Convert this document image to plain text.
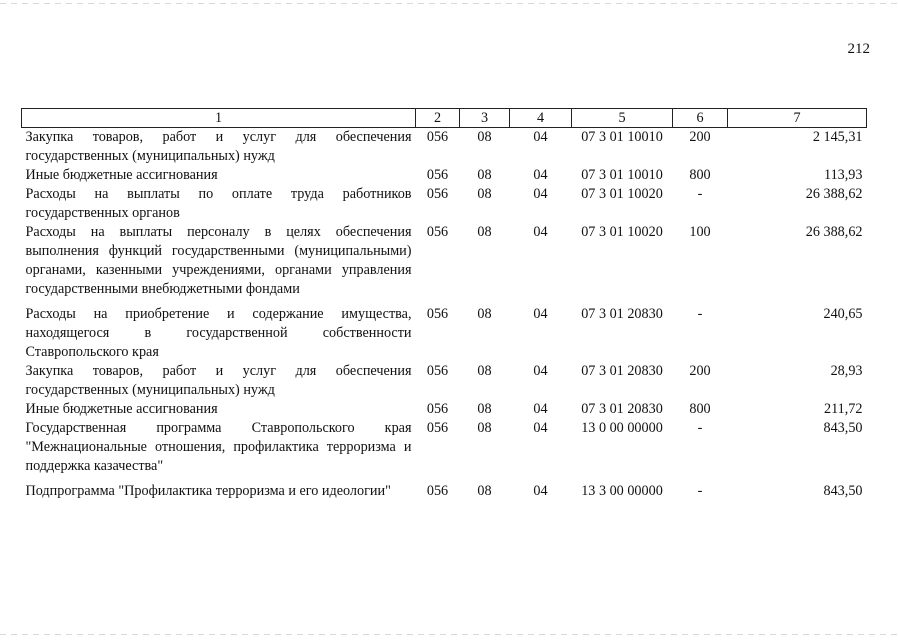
212
1	2	3	4	5	6	7
Закупка товаров, работ и услуг для обеспечения государственных (муниципальных) нужд	056	08	04	07 3 01 10010	200	2 145,31
Иные бюджетные ассигнования	056	08	04	07 3 01 10010	800	113,93
Расходы на выплаты по оплате труда работников государственных органов	056	08	04	07 3 01 10020	-	26 388,62
Расходы на выплаты персоналу в целях обеспечения выполнения функций государственными (муниципальными) органами, казенными учреждениями, органами управления государственными внебюджетными фондами	056	08	04	07 3 01 10020	100	26 388,62
Расходы на приобретение и содержание имущества, находящегося в государственной собственности Ставропольского края	056	08	04	07 3 01 20830	-	240,65
Закупка товаров, работ и услуг для обеспечения государственных (муниципальных) нужд	056	08	04	07 3 01 20830	200	28,93
Иные бюджетные ассигнования	056	08	04	07 3 01 20830	800	211,72
Государственная программа Ставропольского края "Межнациональные отношения, профилактика терроризма и поддержка казачества"	056	08	04	13 0 00 00000	-	843,50
Подпрограмма "Профилактика терроризма и его идеологии"	056	08	04	13 3 00 00000	-	843,50
